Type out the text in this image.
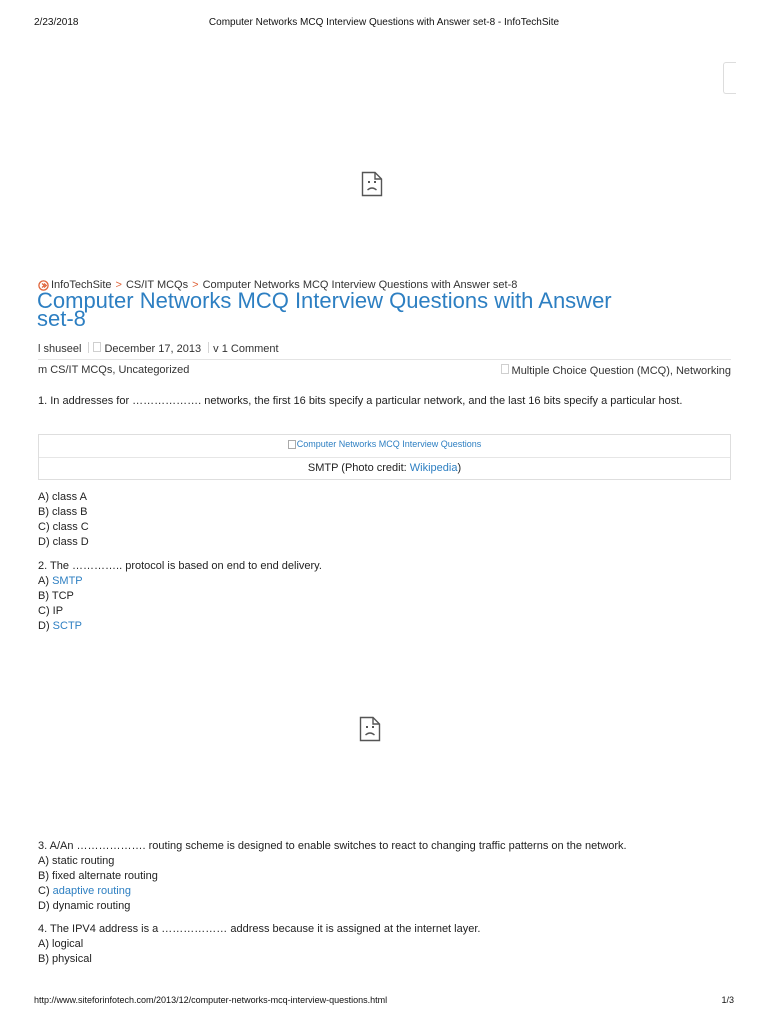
2/23/2018	Computer Networks MCQ Interview Questions with Answer set-8 - InfoTechSite
InfoTechSite > CS/IT MCQs > Computer Networks MCQ Interview Questions with Answer set-8
Computer Networks MCQ Interview Questions with Answer
set-8
l shuseel December 17, 2013 v 1 Comment
m CS/IT MCQs, Uncategorized	Multiple Choice Question (MCQ), Networking

1. In addresses for ………………. networks, the first 16 bits specify a particular network, and the last 16 bits specify a particular host.

Computer Networks MCQ Interview Questions
SMTP (Photo credit: Wikipedia)

A) class A

B) class B

C) class C

D) class D

2. The ………….. protocol is based on end to end delivery.

A) SMTP

B) TCP

C) IP

D) SCTP

3. A/An ………………. routing scheme is designed to enable switches to react to changing traffic patterns on the network.

A) static routing

B) fixed alternate routing

C) adaptive routing

D) dynamic routing

4. The IPV4 address is a ……………… address because it is assigned at the internet layer.

A) logical

B) physical

http://www.siteforinfotech.com/2013/12/computer-networks-mcq-interview-questions.html	1/3
